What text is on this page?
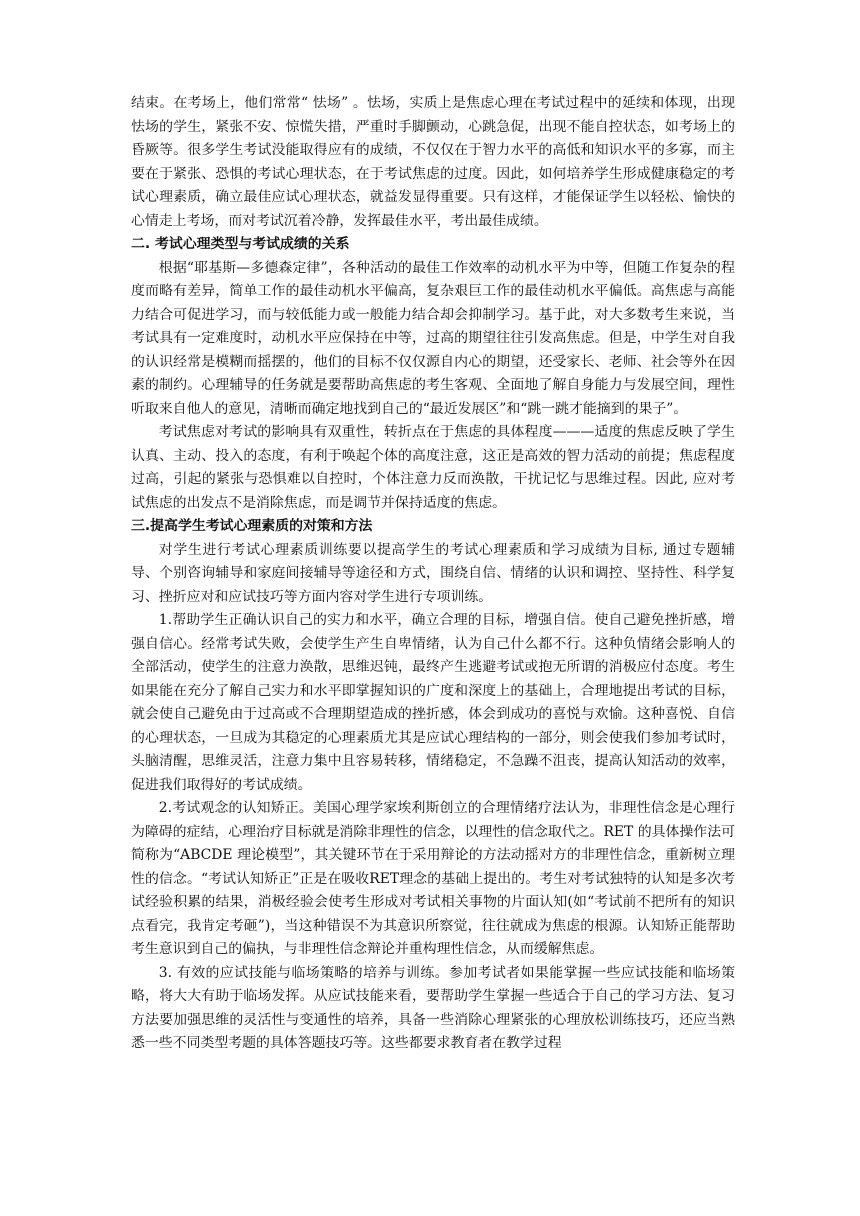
结束。在考场上，他们常常“ 怯场” 。怯场，实质上是焦虑心理在考试过程中的延续和体现，出现怯场的学生，紧张不安、惊慌失措，严重时手脚颤动，心跳急促，出现不能自控状态，如考场上的昏厥等。很多学生考试没能取得应有的成绩，不仅仅在于智力水平的高低和知识水平的多寡，而主要在于紧张、恐惧的考试心理状态，在于考试焦虑的过度。因此，如何培养学生形成健康稳定的考试心理素质，确立最佳应试心理状态，就益发显得重要。只有这样，才能保证学生以轻松、愉快的心情走上考场，而对考试沉着冷静，发挥最佳水平，考出最佳成绩。

二. 考试心理类型与考试成绩的关系

根据“耶基斯—多德森定律”，各种活动的最佳工作效率的动机水平为中等，但随工作复杂的程度而略有差异，简单工作的最佳动机水平偏高，复杂艰巨工作的最佳动机水平偏低。高焦虑与高能力结合可促进学习，而与较低能力或一般能力结合却会抑制学习。基于此，对大多数考生来说，当考试具有一定难度时，动机水平应保持在中等，过高的期望往往引发高焦虑。但是，中学生对自我的认识经常是模糊而摇摆的，他们的目标不仅仅源自内心的期望，还受家长、老师、社会等外在因素的制约。心理辅导的任务就是要帮助高焦虑的考生客观、全面地了解自身能力与发展空间，理性听取来自他人的意见，清晰而确定地找到自己的“最近发展区”和“跳一跳才能摘到的果子”。

考试焦虑对考试的影响具有双重性，转折点在于焦虑的具体程度———适度的焦虑反映了学生认真、主动、投入的态度，有利于唤起个体的高度注意，这正是高效的智力活动的前提；焦虑程度过高，引起的紧张与恐惧难以自控时，个体注意力反而涣散，干扰记忆与思维过程。因此, 应对考试焦虑的出发点不是消除焦虑，而是调节并保持适度的焦虑。

三.提高学生考试心理素质的对策和方法

对学生进行考试心理素质训练要以提高学生的考试心理素质和学习成绩为目标, 通过专题辅导、个别咨询辅导和家庭间接辅导等途径和方式，围绕自信、情绪的认识和调控、坚持性、科学复习、挫折应对和应试技巧等方面内容对学生进行专项训练。

1.帮助学生正确认识自己的实力和水平，确立合理的目标，增强自信。使自己避免挫折感，增强自信心。经常考试失败，会使学生产生自卑情绪，认为自己什么都不行。这种负情绪会影响人的全部活动，使学生的注意力涣散，思维迟钝，最终产生逃避考试或抱无所谓的消极应付态度。考生如果能在充分了解自己实力和水平即掌握知识的广度和深度上的基础上，合理地提出考试的目标，就会使自己避免由于过高或不合理期望造成的挫折感，体会到成功的喜悦与欢愉。这种喜悦、自信的心理状态，一旦成为其稳定的心理素质尤其是应试心理结构的一部分，则会使我们参加考试时，头脑清醒，思维灵活，注意力集中且容易转移，情绪稳定，不急躁不沮丧，提高认知活动的效率，促进我们取得好的考试成绩。

2.考试观念的认知矫正。美国心理学家埃利斯创立的合理情绪疗法认为，非理性信念是心理行为障碍的症结，心理治疗目标就是消除非理性的信念，以理性的信念取代之。RET 的具体操作法可简称为“ABCDE 理论模型”，其关键环节在于采用辩论的方法动摇对方的非理性信念，重新树立理性的信念。“考试认知矫正”正是在吸收RET理念的基础上提出的。考生对考试独特的认知是多次考试经验积累的结果，消极经验会使考生形成对考试相关事物的片面认知(如“考试前不把所有的知识点看完，我肯定考砸”)，当这种错误不为其意识所察觉，往往就成为焦虑的根源。认知矫正能帮助考生意识到自己的偏执，与非理性信念辩论并重构理性信念，从而缓解焦虑。

3. 有效的应试技能与临场策略的培养与训练。参加考试者如果能掌握一些应试技能和临场策略，将大大有助于临场发挥。从应试技能来看，要帮助学生掌握一些适合于自己的学习方法、复习方法要加强思维的灵活性与变通性的培养，具备一些消除心理紧张的心理放松训练技巧，还应当熟悉一些不同类型考题的具体答题技巧等。这些都要求教育者在教学过程
